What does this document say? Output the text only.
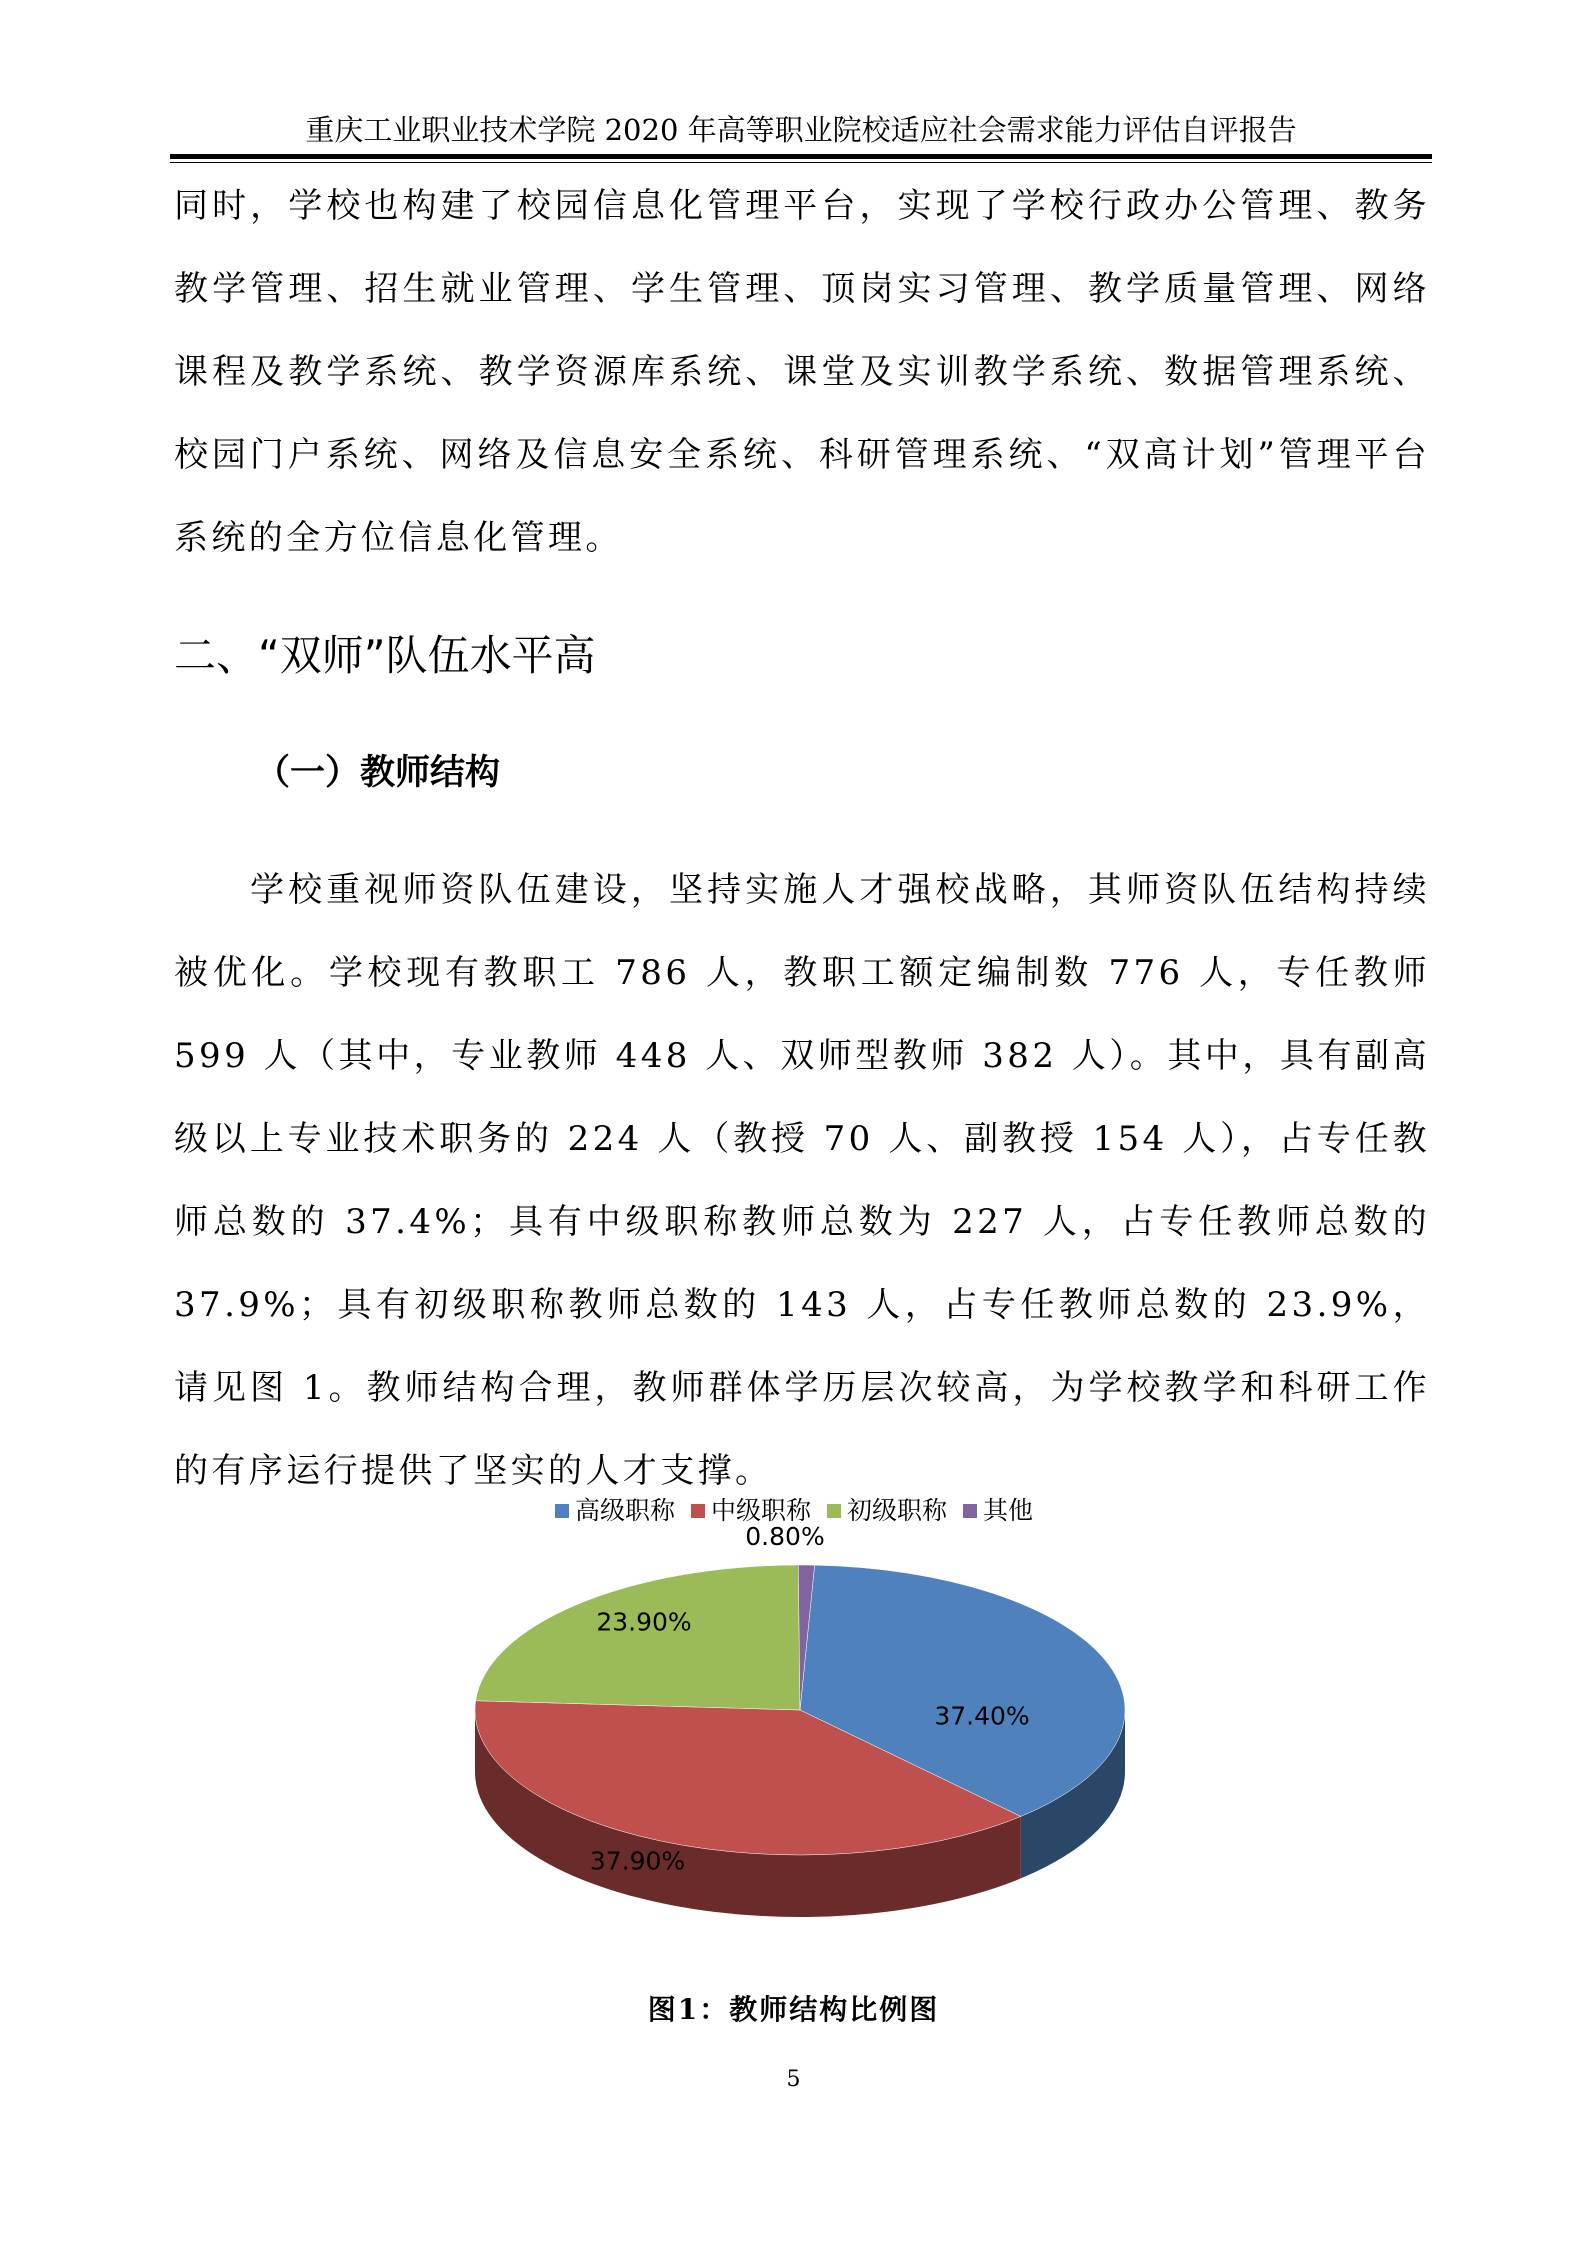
重庆工业职业技术学院 2020 年高等职业院校适应社会需求能力评估自评报告

同时，学校也构建了校园信息化管理平台，实现了学校行政办公管理、教务教学管理、招生就业管理、学生管理、顶岗实习管理、教学质量管理、网络课程及教学系统、教学资源库系统、课堂及实训教学系统、数据管理系统、校园门户系统、网络及信息安全系统、科研管理系统、“双高计划”管理平台系统的全方位信息化管理。

二、“双师”队伍水平高
（一）教师结构

学校重视师资队伍建设，坚持实施人才强校战略，其师资队伍结构持续被优化。学校现有教职工 786 人，教职工额定编制数 776 人，专任教师 599 人（其中，专业教师 448 人、双师型教师 382 人）。其中，具有副高级以上专业技术职务的 224 人（教授 70 人、副教授 154 人），占专任教师总数的 37.4%；具有中级职称教师总数为 227 人，占专任教师总数的 37.9%；具有初级职称教师总数的 143 人，占专任教师总数的 23.9%，请见图 1。教师结构合理，教师群体学历层次较高，为学校教学和科研工作的有序运行提供了坚实的人才支撑。

高级职称 中级职称 初级职称 其他
37.40%
37.90%
23.90%
0.80%
图1：教师结构比例图
5
